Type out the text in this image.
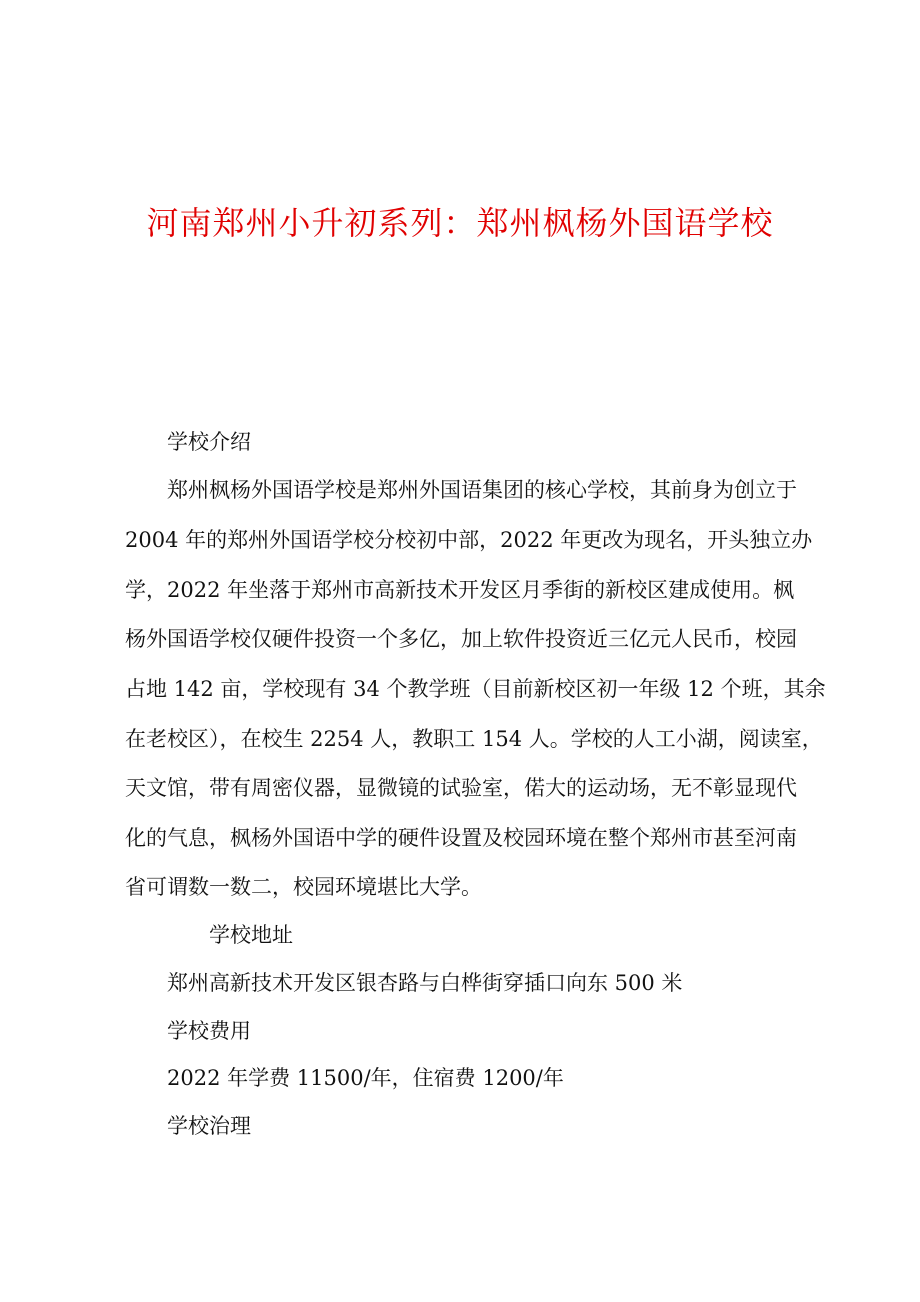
河南郑州小升初系列：郑州枫杨外国语学校

学校介绍

郑州枫杨外国语学校是郑州外国语集团的核心学校，其前身为创立于

2004 年的郑州外国语学校分校初中部，2022 年更改为现名，开头独立办

学，2022 年坐落于郑州市高新技术开发区月季街的新校区建成使用。枫

杨外国语学校仅硬件投资一个多亿，加上软件投资近三亿元人民币，校园

占地 142 亩，学校现有 34 个教学班（目前新校区初一年级 12 个班，其余

在老校区），在校生 2254 人，教职工 154 人。学校的人工小湖，阅读室，

天文馆，带有周密仪器，显微镜的试验室，偌大的运动场，无不彰显现代

化的气息，枫杨外国语中学的硬件设置及校园环境在整个郑州市甚至河南

省可谓数一数二，校园环境堪比大学。

学校地址

郑州高新技术开发区银杏路与白桦街穿插口向东 500 米

学校费用

2022 年学费 11500/年，住宿费 1200/年

学校治理
